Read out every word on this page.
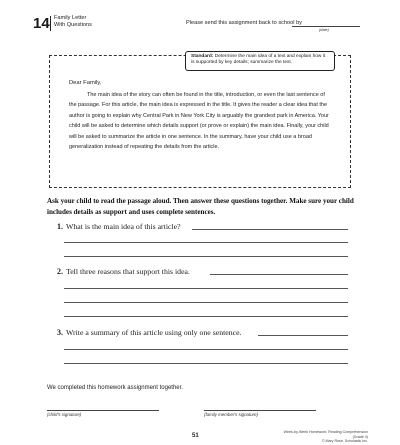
14 Family Letter
With Questions	Please send this assignment back to school by
(date)
Standard: Determine the main idea of a text and explain how it is supported by key details; summarize the text.
Dear Family,
The main idea of the story can often be found in the title, introduction, or even the last sentence of the passage. For this article, the main idea is expressed in the title. It gives the reader a clear idea that the author is going to explain why Central Park in New York City is arguably the grandest park in America. Your child will be asked to determine which details support (or prove or explain) the main idea. Finally, your child will be asked to summarize the article in one sentence. In the summary, have your child use a broad generalization instead of repeating the details from the article.
Ask your child to read the passage aloud. Then answer these questions together. Make sure your child includes details as support and uses complete sentences.
1. What is the main idea of this article?
2. Tell three reasons that support this idea.
3. Write a summary of this article using only one sentence.
We completed this homework assignment together.
(child's signature)	(family member's signature)
51
Week-by-Week Homework: Reading Comprehension (Grade 4)
© Mary Rose, Scholastic Inc.
